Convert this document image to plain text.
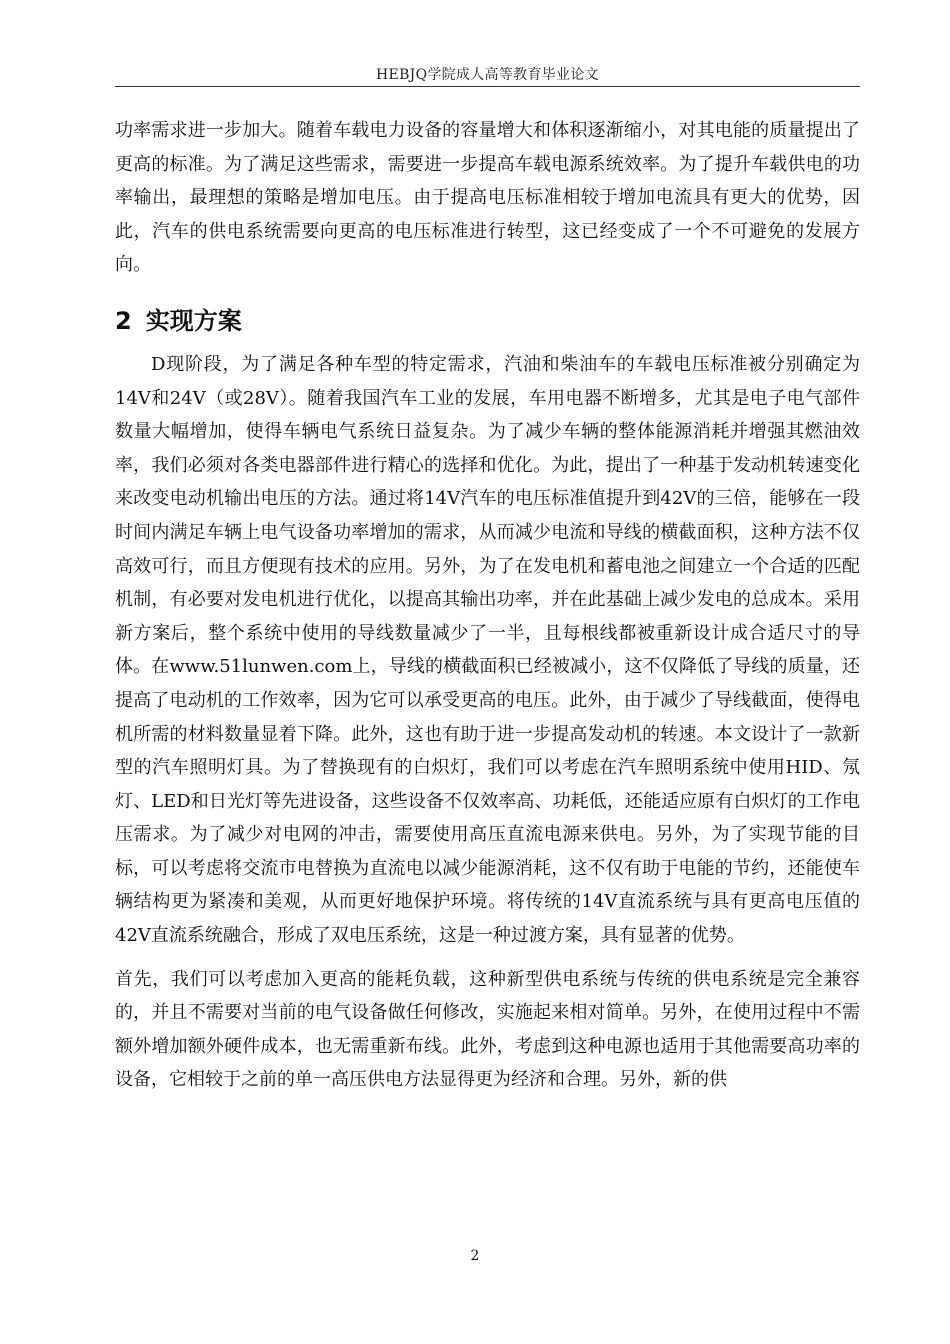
HEBJQ学院成人高等教育毕业论文

功率需求进一步加大。随着车载电力设备的容量增大和体积逐渐缩小，对其电能的质量提出了更高的标准。为了满足这些需求，需要进一步提高车载电源系统效率。为了提升车载供电的功率输出，最理想的策略是增加电压。由于提高电压标准相较于增加电流具有更大的优势，因此，汽车的供电系统需要向更高的电压标准进行转型，这已经变成了一个不可避免的发展方向。

2 实现方案

D现阶段，为了满足各种车型的特定需求，汽油和柴油车的车载电压标准被分别确定为14V和24V（或28V）。随着我国汽车工业的发展，车用电器不断增多，尤其是电子电气部件数量大幅增加，使得车辆电气系统日益复杂。为了减少车辆的整体能源消耗并增强其燃油效率，我们必须对各类电器部件进行精心的选择和优化。为此，提出了一种基于发动机转速变化来改变电动机输出电压的方法。通过将14V汽车的电压标准值提升到42V的三倍，能够在一段时间内满足车辆上电气设备功率增加的需求，从而减少电流和导线的横截面积，这种方法不仅高效可行，而且方便现有技术的应用。另外，为了在发电机和蓄电池之间建立一个合适的匹配机制，有必要对发电机进行优化，以提高其输出功率，并在此基础上减少发电的总成本。采用新方案后，整个系统中使用的导线数量减少了一半，且每根线都被重新设计成合适尺寸的导体。在www.51lunwen.com上，导线的横截面积已经被减小，这不仅降低了导线的质量，还提高了电动机的工作效率，因为它可以承受更高的电压。此外，由于减少了导线截面，使得电机所需的材料数量显着下降。此外，这也有助于进一步提高发动机的转速。本文设计了一款新型的汽车照明灯具。为了替换现有的白炽灯，我们可以考虑在汽车照明系统中使用HID、氖灯、LED和日光灯等先进设备，这些设备不仅效率高、功耗低，还能适应原有白炽灯的工作电压需求。为了减少对电网的冲击，需要使用高压直流电源来供电。另外，为了实现节能的目标，可以考虑将交流市电替换为直流电以减少能源消耗，这不仅有助于电能的节约，还能使车辆结构更为紧凑和美观，从而更好地保护环境。将传统的14V直流系统与具有更高电压值的42V直流系统融合，形成了双电压系统，这是一种过渡方案，具有显著的优势。

首先，我们可以考虑加入更高的能耗负载，这种新型供电系统与传统的供电系统是完全兼容的，并且不需要对当前的电气设备做任何修改，实施起来相对简单。另外，在使用过程中不需额外增加额外硬件成本，也无需重新布线。此外，考虑到这种电源也适用于其他需要高功率的设备，它相较于之前的单一高压供电方法显得更为经济和合理。另外，新的供

2
